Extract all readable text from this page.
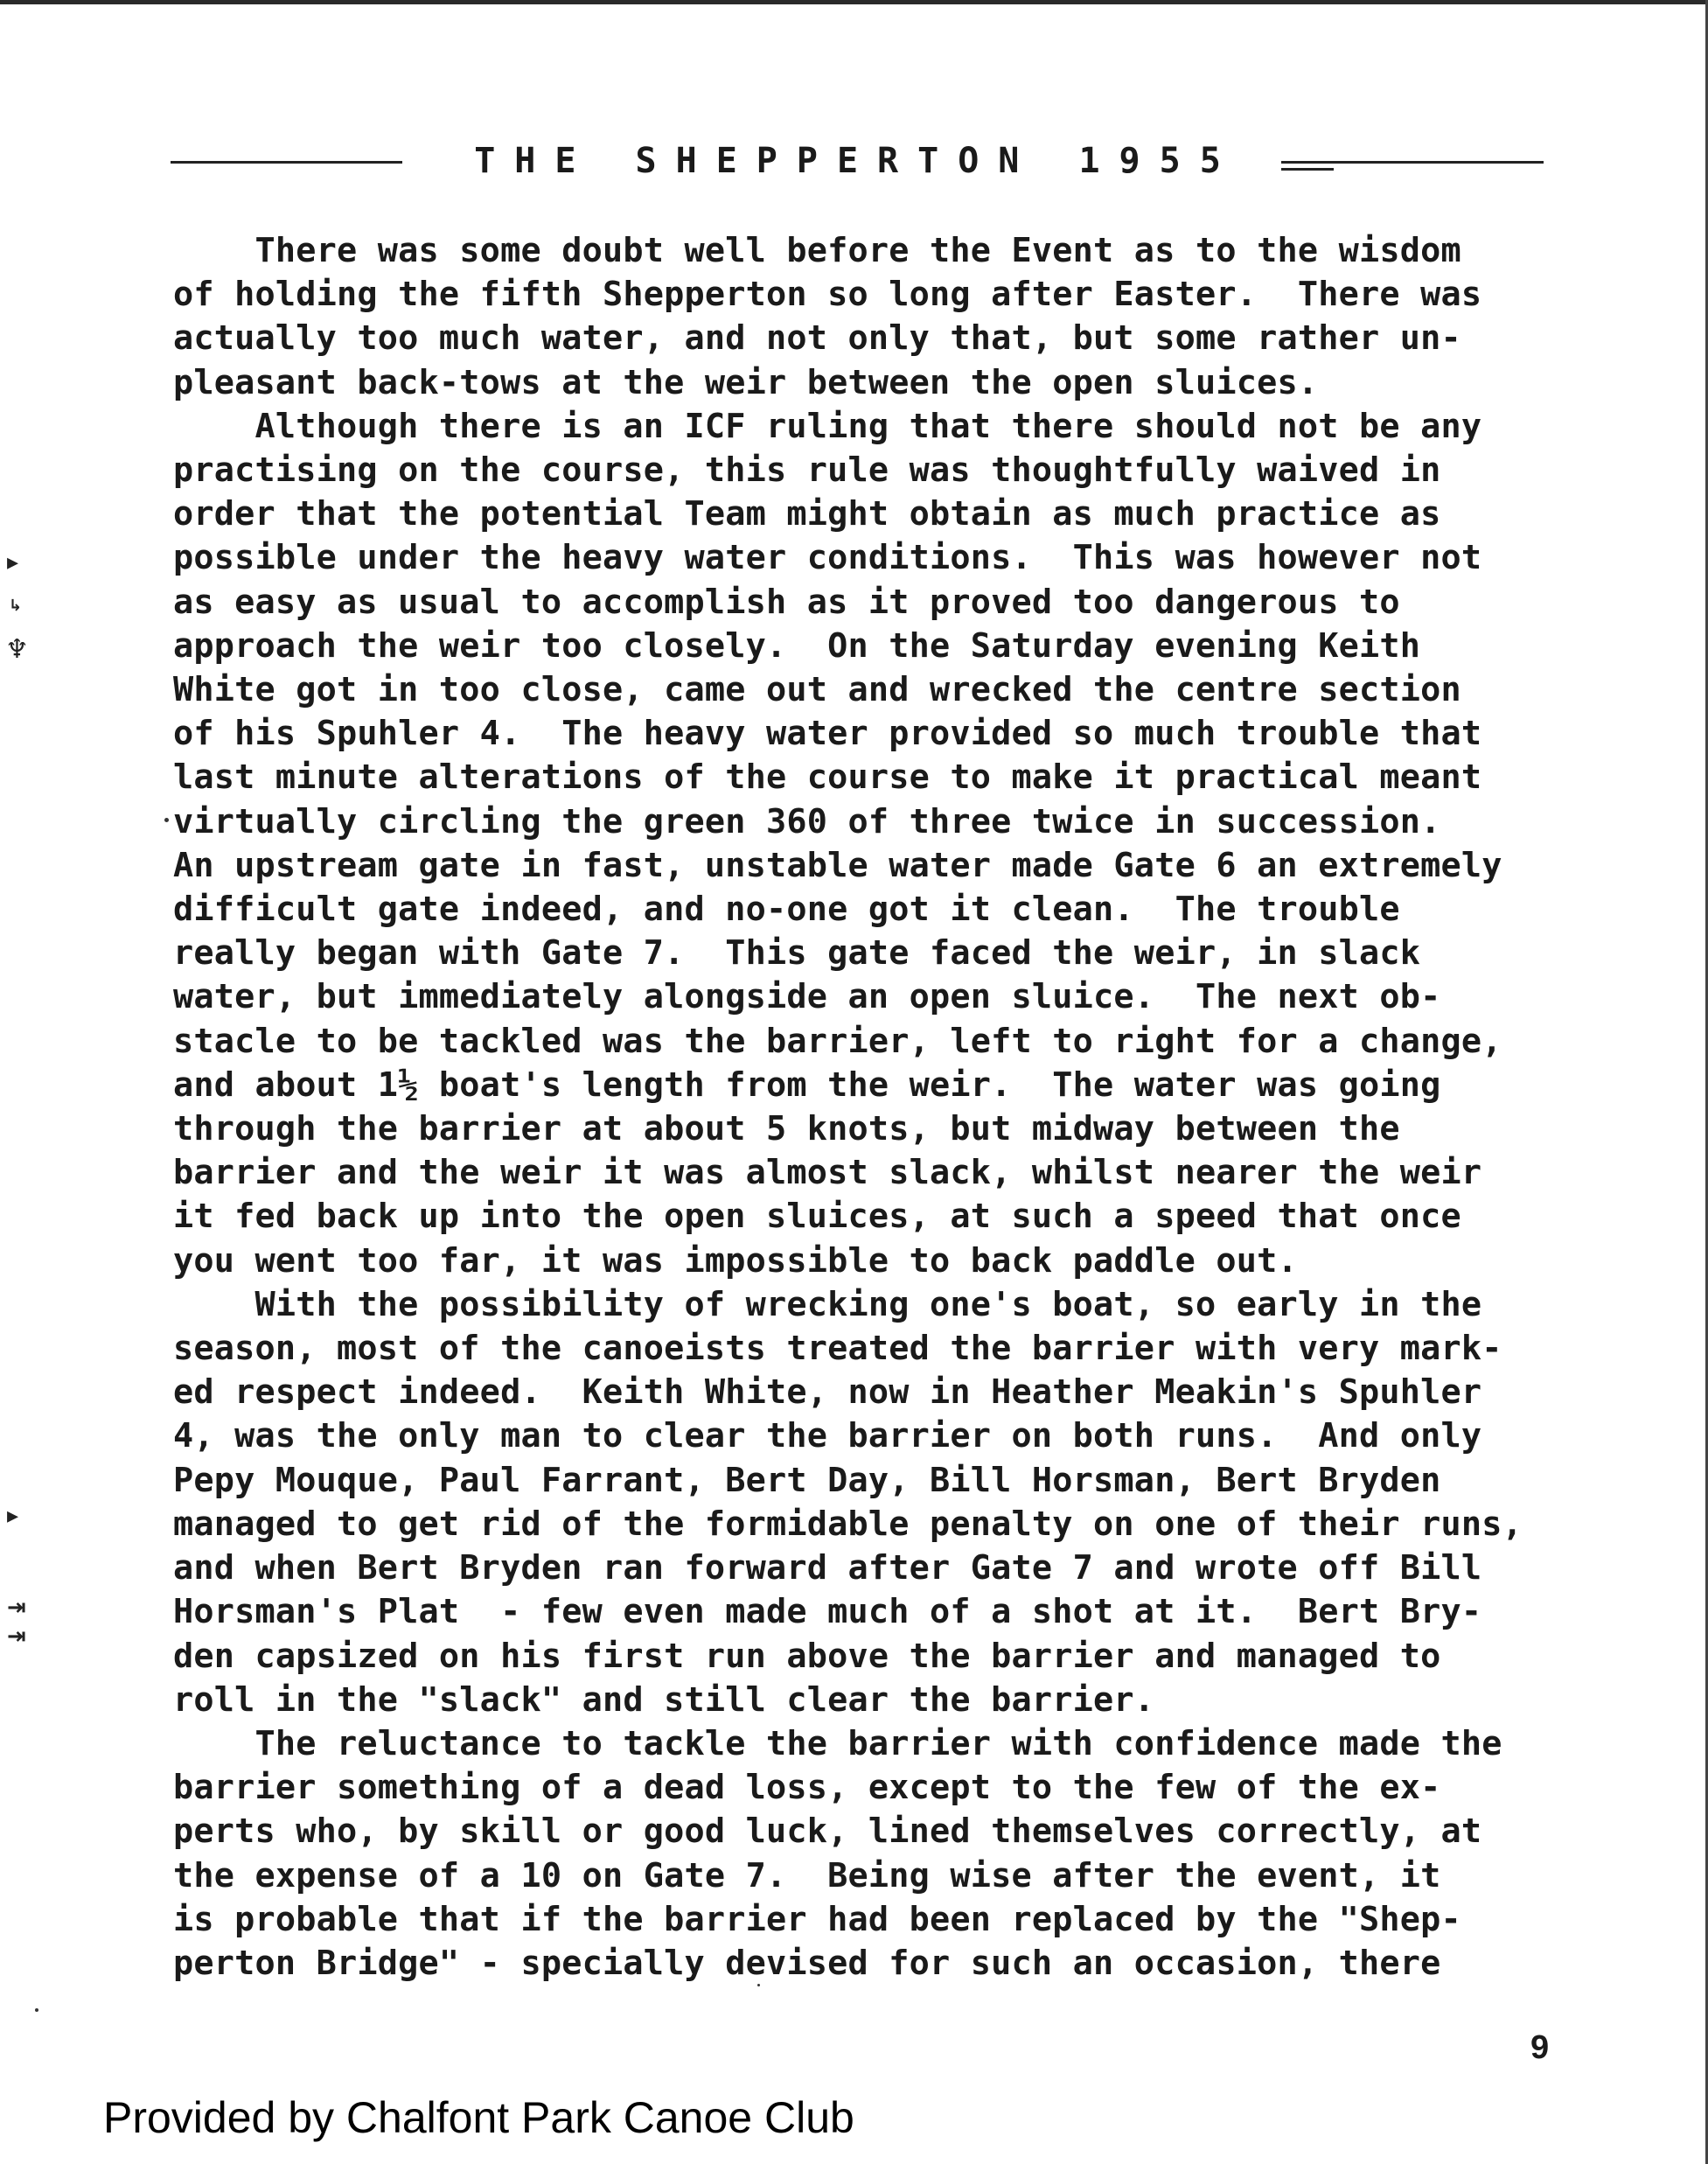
THE SHEPPERTON 1955
There was some doubt well before the Event as to the wisdom
of holding the fifth Shepperton so long after Easter.  There was
actually too much water, and not only that, but some rather un-
pleasant back-tows at the weir between the open sluices.
Although there is an ICF ruling that there should not be any
practising on the course, this rule was thoughtfully waived in
order that the potential Team might obtain as much practice as
possible under the heavy water conditions.  This was however not
as easy as usual to accomplish as it proved too dangerous to
approach the weir too closely.  On the Saturday evening Keith
White got in too close, came out and wrecked the centre section
of his Spuhler 4.  The heavy water provided so much trouble that
last minute alterations of the course to make it practical meant
virtually circling the green 360 of three twice in succession.
An upstream gate in fast, unstable water made Gate 6 an extremely
difficult gate indeed, and no-one got it clean.  The trouble
really began with Gate 7.  This gate faced the weir, in slack
water, but immediately alongside an open sluice.  The next ob-
stacle to be tackled was the barrier, left to right for a change,
and about 1½ boat's length from the weir.  The water was going
through the barrier at about 5 knots, but midway between the
barrier and the weir it was almost slack, whilst nearer the weir
it fed back up into the open sluices, at such a speed that once
you went too far, it was impossible to back paddle out.
With the possibility of wrecking one's boat, so early in the
season, most of the canoeists treated the barrier with very mark-
ed respect indeed.  Keith White, now in Heather Meakin's Spuhler
4, was the only man to clear the barrier on both runs.  And only
Pepy Mouque, Paul Farrant, Bert Day, Bill Horsman, Bert Bryden
managed to get rid of the formidable penalty on one of their runs,
and when Bert Bryden ran forward after Gate 7 and wrote off Bill
Horsman's Plat  - few even made much of a shot at it.  Bert Bry-
den capsized on his first run above the barrier and managed to
roll in the "slack" and still clear the barrier.
The reluctance to tackle the barrier with confidence made the
barrier something of a dead loss, except to the few of the ex-
perts who, by skill or good luck, lined themselves correctly, at
the expense of a 10 on Gate 7.  Being wise after the event, it
is probable that if the barrier had been replaced by the "Shep-
perton Bridge" - specially devised for such an occasion, there
▸
↳
♆
▸
⇥
⇥
9
Provided by Chalfont Park Canoe Club
